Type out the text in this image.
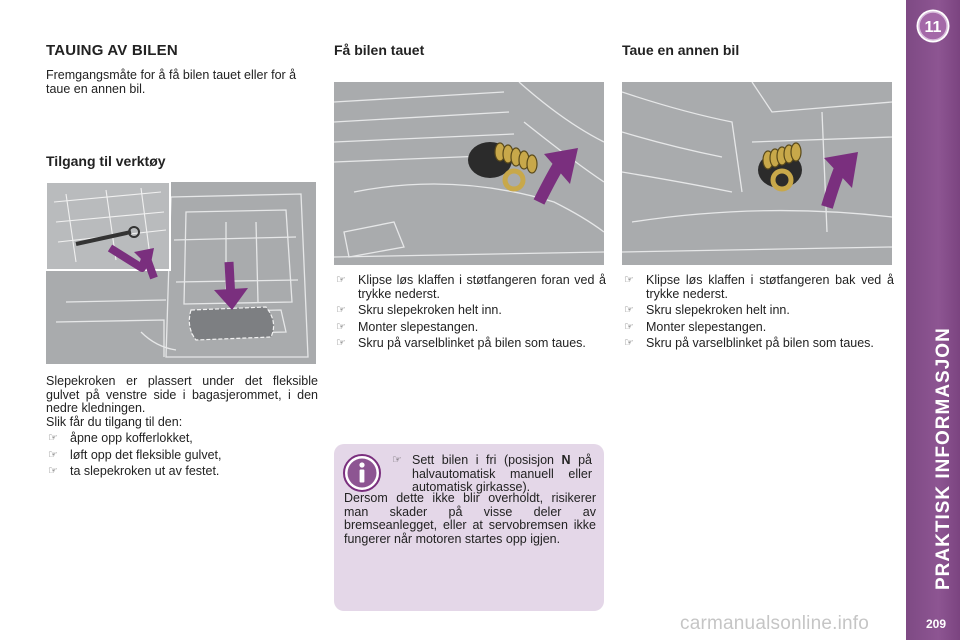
TAUING AV BILEN

Fremgangsmåte for å få bilen tauet eller for å taue en annen bil.

Tilgang til verktøy

Slepekroken er plassert under det fleksible gulvet på venstre side i bagasjerommet, i den nedre kledningen.

Slik får du tilgang til den:

☞ åpne opp kofferlokket,
☞ løft opp det fleksible gulvet,
☞ ta slepekroken ut av festet.
Få bilen tauet
☞ Klipse løs klaffen i støtfangeren foran ved å trykke nederst.
☞ Skru slepekroken helt inn.
☞ Monter slepestangen.
☞ Skru på varselblinket på bilen som taues.
Taue en annen bil
☞ Klipse løs klaffen i støtfangeren bak ved å trykke nederst.
☞ Skru slepekroken helt inn.
☞ Monter slepestangen.
☞ Skru på varselblinket på bilen som taues.
☞ Sett bilen i fri (posisjon N på halvautomatisk manuell eller automatisk girkasse).

Dersom dette ikke blir overholdt, risikerer man skader på visse deler av bremseanlegget, eller at servobremsen ikke fungerer når motoren startes opp igjen.

11
PRAKTISK INFORMASJON
209
carmanualsonline.info
